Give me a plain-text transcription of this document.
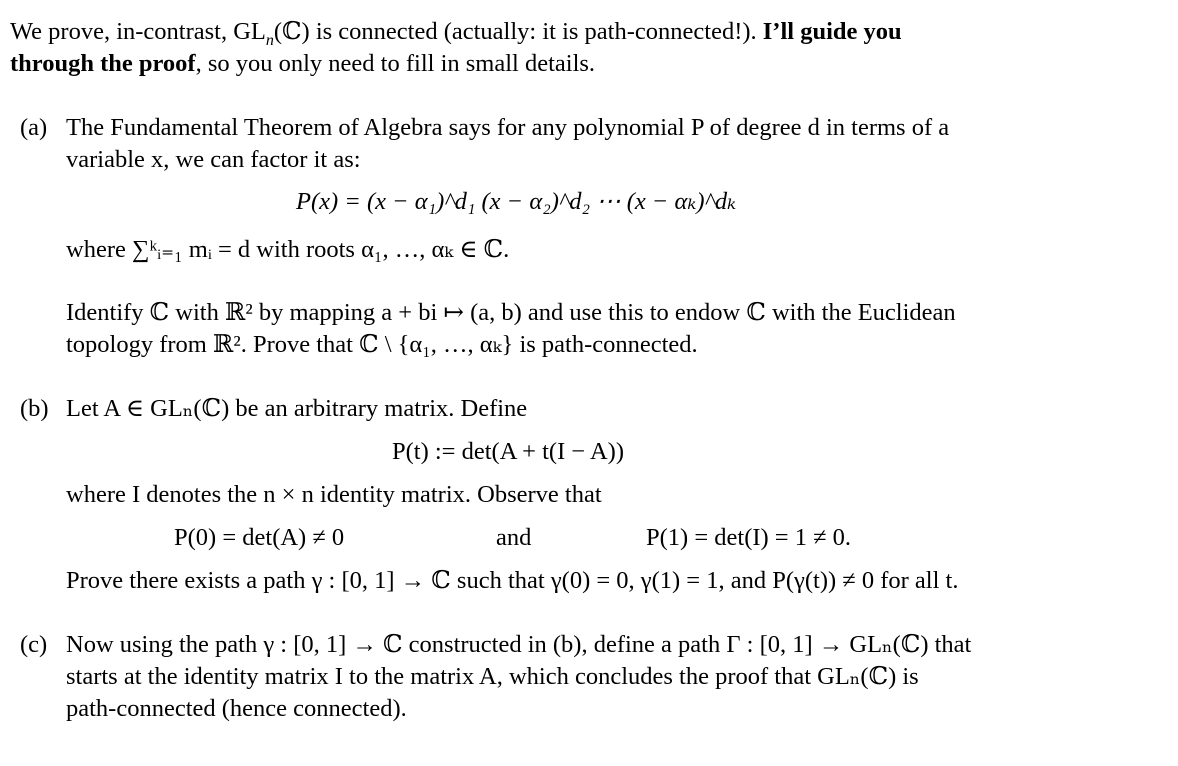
We prove, in-contrast, $GL_n(ℂ)$ is connected (actually: it is path-connected!). I’ll guide you
through the proof, so you only need to fill in small details.
(a) The Fundamental Theorem of Algebra says for any polynomial P of degree d in terms of a
variable x, we can factor it as:
P(x) = (x − α₁)^d₁ (x − α₂)^d₂ ⋯ (x − αₖ)^dₖ
where ∑ᵏᵢ₌₁ mᵢ = d with roots α₁, …, αₖ ∈ ℂ.
Identify ℂ with ℝ² by mapping a + bi ↦ (a, b) and use this to endow ℂ with the Euclidean
topology from ℝ². Prove that ℂ \ {α₁, …, αₖ} is path-connected.
(b) Let A ∈ GLₙ(ℂ) be an arbitrary matrix. Define
P(t) := det(A + t(I − A))
where I denotes the n × n identity matrix. Observe that
P(0) = det(A) ≠ 0	and	P(1) = det(I) = 1 ≠ 0.
Prove there exists a path γ : [0, 1] → ℂ such that γ(0) = 0, γ(1) = 1, and P(γ(t)) ≠ 0 for all t.
(c) Now using the path γ : [0, 1] → ℂ constructed in (b), define a path Γ : [0, 1] → GLₙ(ℂ) that
starts at the identity matrix I to the matrix A, which concludes the proof that GLₙ(ℂ) is
path-connected (hence connected).
